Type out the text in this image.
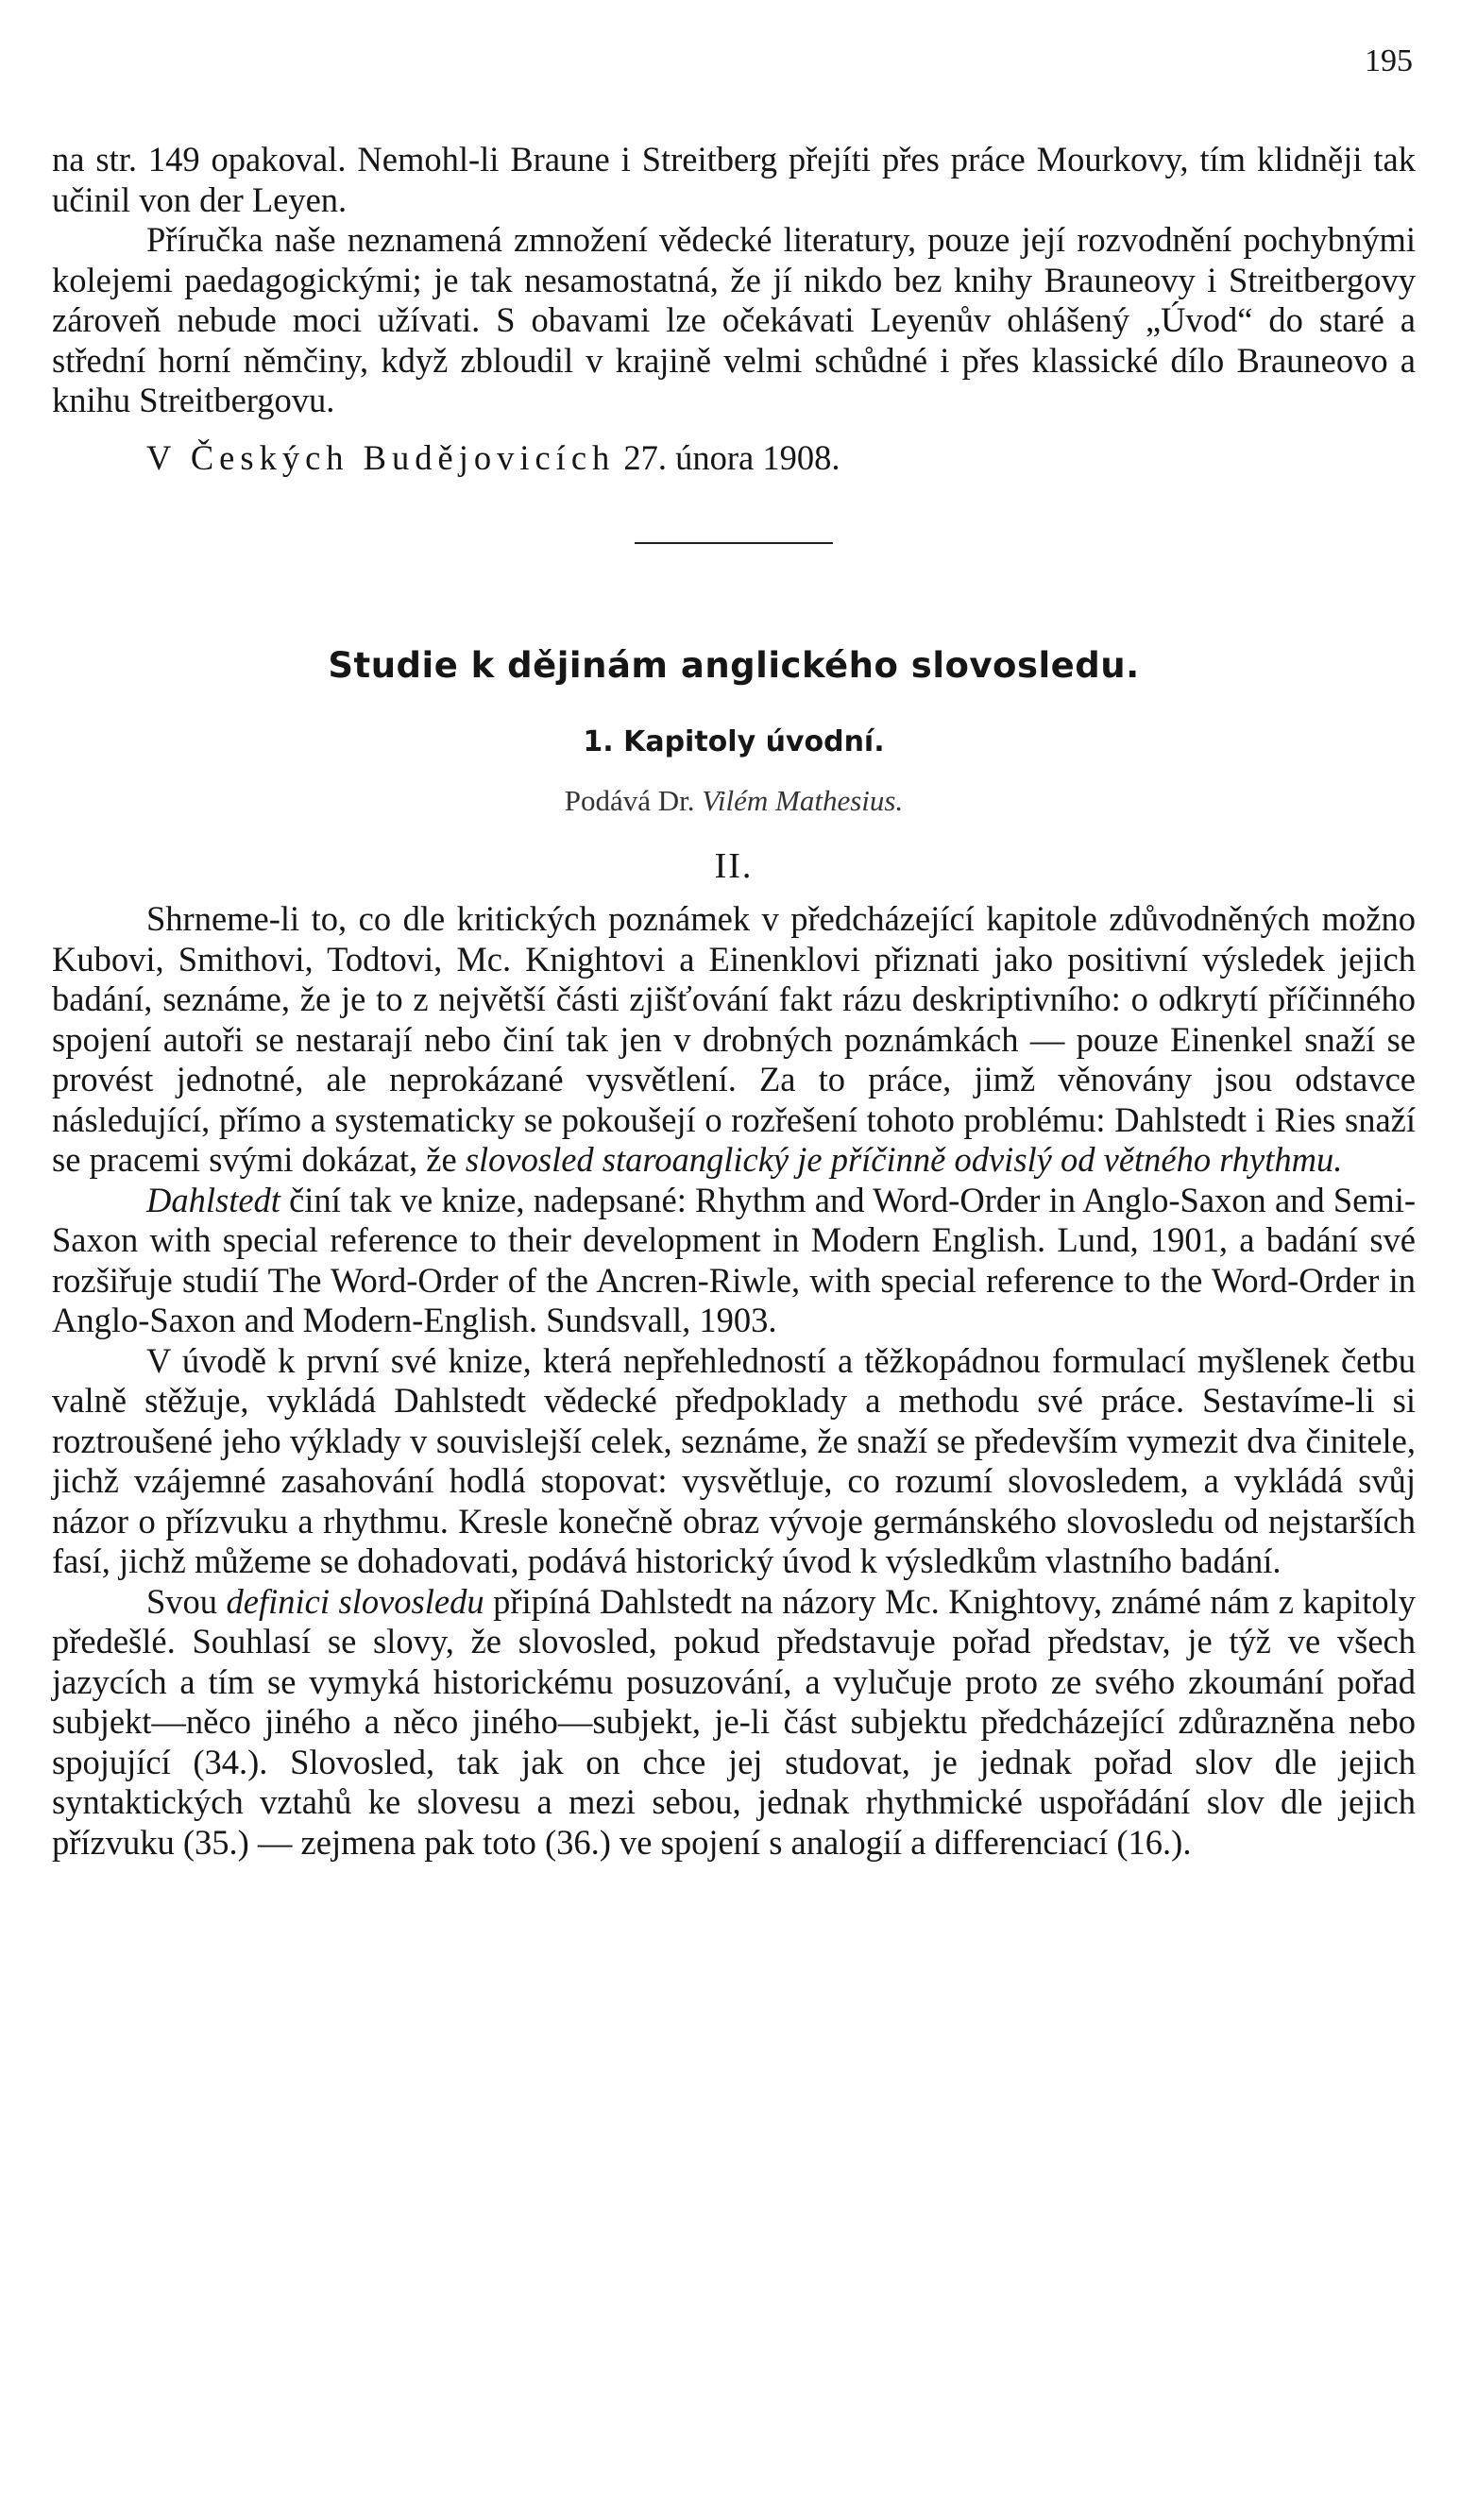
195

na str. 149 opakoval. Nemohl-li Braune i Streitberg přejíti přes práce Mourkovy, tím klidněji tak učinil von der Leyen.

Příručka naše neznamená zmnožení vědecké literatury, pouze její rozvodnění pochybnými kolejemi paedagogickými; je tak nesamostatná, že jí nikdo bez knihy Brauneovy i Streitbergovy zároveň nebude moci užívati. S obavami lze očekávati Leyenův ohlášený „Úvod“ do staré a střední horní němčiny, když zbloudil v krajině velmi schůdné i přes klassické dílo Brauneovo a knihu Streitbergovu.

V Českých Budějovicích 27. února 1908.

Studie k dějinám anglického slovosledu.

1. Kapitoly úvodní.

Podává Dr. Vilém Mathesius.

II.

Shrneme-li to, co dle kritických poznámek v předcházející kapitole zdůvodněných možno Kubovi, Smithovi, Todtovi, Mc. Knightovi a Einenklovi přiznati jako positivní výsledek jejich badání, seznáme, že je to z největší části zjišťování fakt rázu deskriptivního: o odkrytí příčinného spojení autoři se nestarají nebo činí tak jen v drobných poznámkách — pouze Einenkel snaží se provést jednotné, ale neprokázané vysvětlení. Za to práce, jimž věnovány jsou odstavce následující, přímo a systematicky se pokoušejí o rozřešení tohoto problému: Dahlstedt i Ries snaží se pracemi svými dokázat, že slovosled staroanglický je příčinně odvislý od větného rhythmu.

Dahlstedt činí tak ve knize, nadepsané: Rhythm and Word-Order in Anglo-Saxon and Semi-Saxon with special reference to their development in Modern English. Lund, 1901, a badání své rozšiřuje studií The Word-Order of the Ancren-Riwle, with special reference to the Word-Order in Anglo-Saxon and Modern-English. Sundsvall, 1903.

V úvodě k první své knize, která nepřehledností a těžkopádnou formulací myšlenek četbu valně stěžuje, vykládá Dahlstedt vědecké předpoklady a methodu své práce. Sestavíme-li si roztroušené jeho výklady v souvislejší celek, seznáme, že snaží se především vymezit dva činitele, jichž vzájemné zasahování hodlá stopovat: vysvětluje, co rozumí slovosledem, a vykládá svůj názor o přízvuku a rhythmu. Kresle konečně obraz vývoje germánského slovosledu od nejstarších fasí, jichž můžeme se dohadovati, podává historický úvod k výsledkům vlastního badání.

Svou definici slovosledu připíná Dahlstedt na názory Mc. Knightovy, známé nám z kapitoly předešlé. Souhlasí se slovy, že slovosled, pokud představuje pořad představ, je týž ve všech jazycích a tím se vymyká historickému posuzování, a vylučuje proto ze svého zkoumání pořad subjekt—něco jiného a něco jiného—subjekt, je-li část subjektu předcházející zdůrazněna nebo spojující (34.). Slovosled, tak jak on chce jej studovat, je jednak pořad slov dle jejich syntaktických vztahů ke slovesu a mezi sebou, jednak rhythmické uspořádání slov dle jejich přízvuku (35.) — zejmena pak toto (36.) ve spojení s analogií a differenciací (16.).
